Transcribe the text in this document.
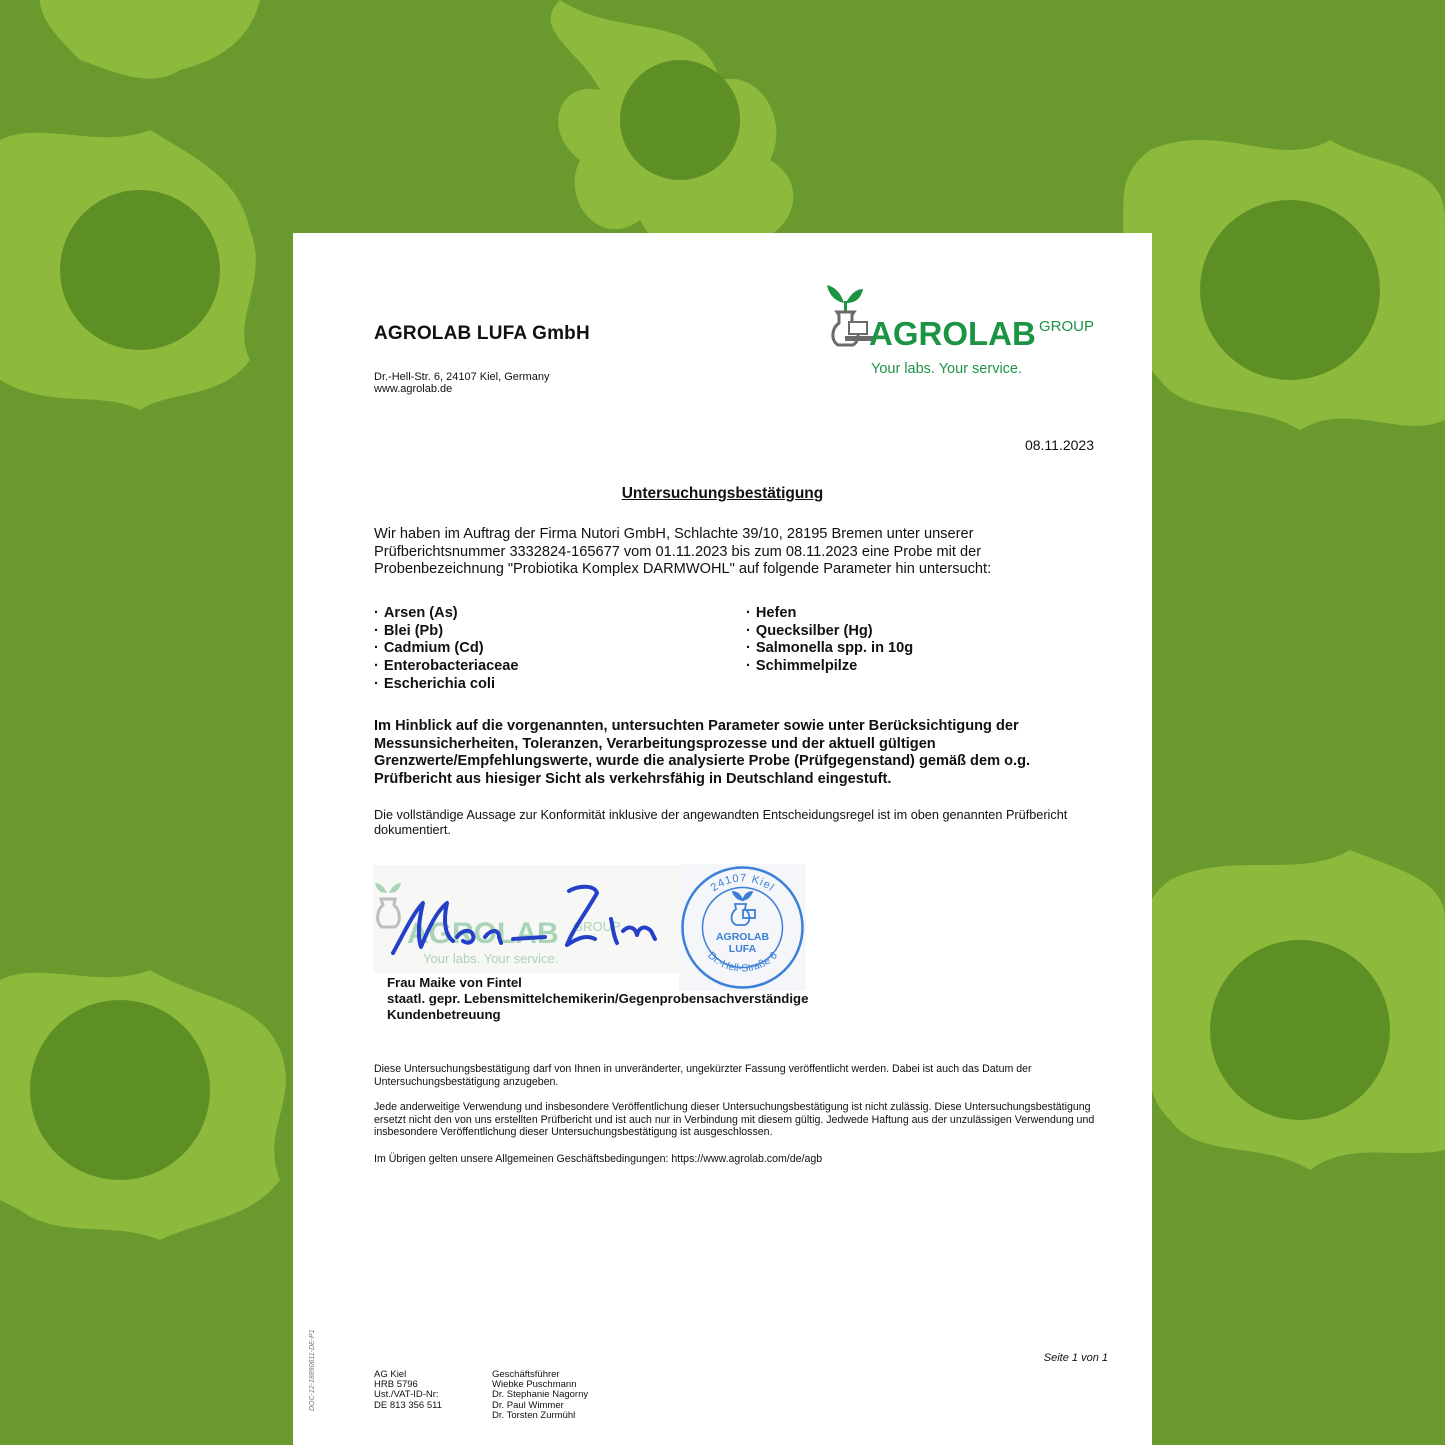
AGROLAB LUFA GmbH
Dr.-Hell-Str. 6, 24107 Kiel, Germany
www.agrolab.de
AGROLAB GROUP
Your labs. Your service.
08.11.2023
Untersuchungsbestätigung
Wir haben im Auftrag der Firma Nutori GmbH, Schlachte 39/10, 28195 Bremen unter unserer Prüfberichtsnummer 3332824-165677 vom 01.11.2023 bis zum 08.11.2023 eine Probe mit der Probenbezeichnung "Probiotika Komplex DARMWOHL" auf folgende Parameter hin untersucht:
· Arsen (As)
· Blei (Pb)
· Cadmium (Cd)
· Enterobacteriaceae
· Escherichia coli
· Hefen
· Quecksilber (Hg)
· Salmonella spp. in 10g
· Schimmelpilze
Im Hinblick auf die vorgenannten, untersuchten Parameter sowie unter Berücksichtigung der Messunsicherheiten, Toleranzen, Verarbeitungsprozesse und der aktuell gültigen Grenzwerte/Empfehlungswerte, wurde die analysierte Probe (Prüfgegenstand) gemäß dem o.g. Prüfbericht aus hiesiger Sicht als verkehrsfähig in Deutschland eingestuft.
Die vollständige Aussage zur Konformität inklusive der angewandten Entscheidungsregel ist im oben genannten Prüfbericht dokumentiert.
AGROLAB GROUP
Your labs. Your service.
24107 Kiel
Dr.-Hell-Straße 6
AGROLAB
LUFA
Frau Maike von Fintel
staatl. gepr. Lebensmittelchemikerin/Gegenprobensachverständige
Kundenbetreuung
Diese Untersuchungsbestätigung darf von Ihnen in unveränderter, ungekürzter Fassung veröffentlicht werden. Dabei ist auch das Datum der Untersuchungsbestätigung anzugeben.
Jede anderweitige Verwendung und insbesondere Veröffentlichung dieser Untersuchungsbestätigung ist nicht zulässig. Diese Untersuchungsbestätigung ersetzt nicht den von uns erstellten Prüfbericht und ist auch nur in Verbindung mit diesem gültig. Jedwede Haftung aus der unzulässigen Verwendung und insbesondere Veröffentlichung dieser Untersuchungsbestätigung ist ausgeschlossen.
Im Übrigen gelten unsere Allgemeinen Geschäftsbedingungen: https://www.agrolab.com/de/agb
DOC-12-18890611-DE-P1	Seite 1 von 1
AG Kiel
HRB 5796
Ust./VAT-ID-Nr:
DE 813 356 511
Geschäftsführer
Wiebke Puschmann
Dr. Stephanie Nagorny
Dr. Paul Wimmer
Dr. Torsten Zurmühl
